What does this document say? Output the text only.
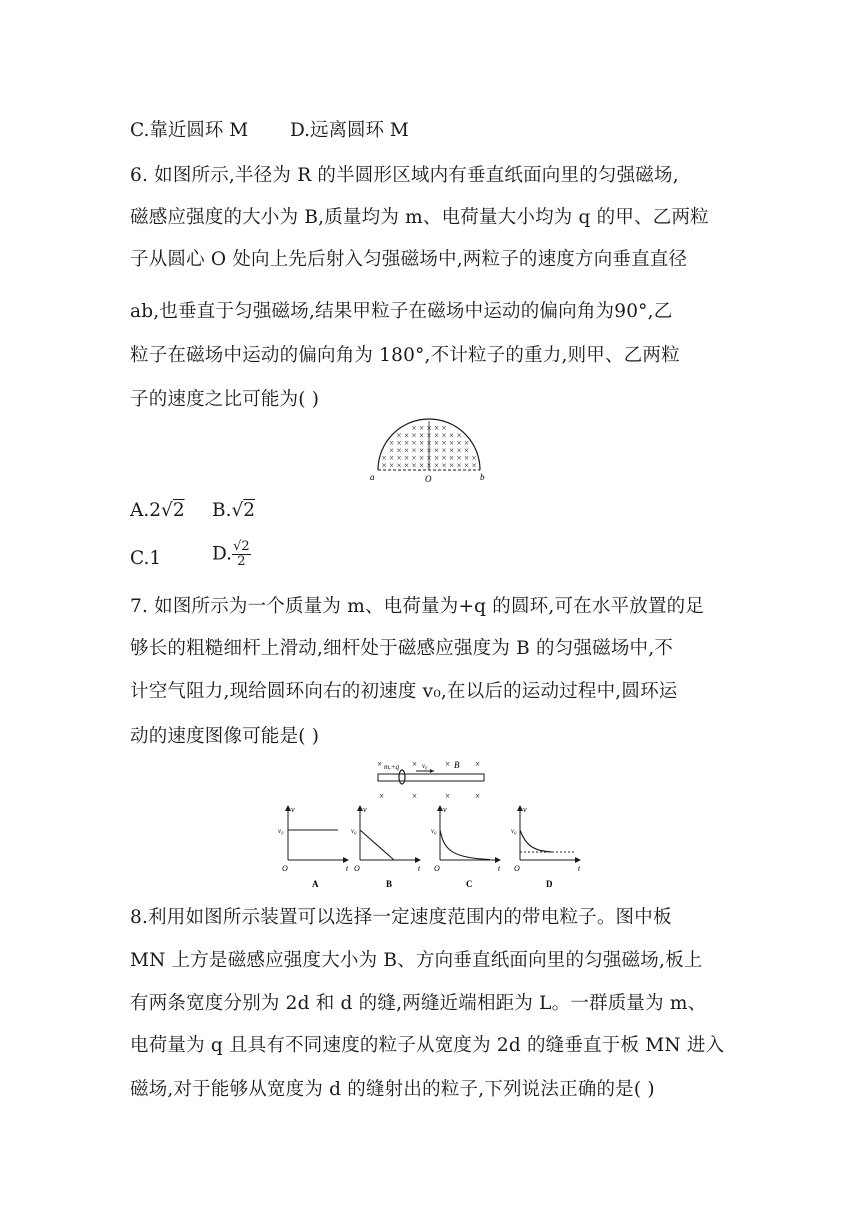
C.靠近圆环 M D.远离圆环 M
6. 如图所示,半径为 R 的半圆形区域内有垂直纸面向里的匀强磁场,
磁感应强度的大小为 B,质量均为 m、电荷量大小均为 q 的甲、乙两粒
子从圆心 O 处向上先后射入匀强磁场中,两粒子的速度方向垂直直径
ab,也垂直于匀强磁场,结果甲粒子在磁场中运动的偏向角为90°,乙
粒子在磁场中运动的偏向角为 180°,不计粒子的重力,则甲、乙两粒
子的速度之比可能为( )
× × × × ×
× × × × × × × × ×
× × × × × × × × × × ×
× × × × × × × × × × ×
× × × × × × × × × × × × ×
× × × × × × × × × × × × ×
a	b
O
A.2√2 B.√2
C.1	D. $\frac{√2}{2}$
7. 如图所示为一个质量为 m、电荷量为+q 的圆环,可在水平放置的足
够长的粗糙细杆上滑动,细杆处于磁感应强度为 B 的匀强磁场中,不
计空气阻力,现给圆环向右的初速度 v₀,在以后的运动过程中,圆环运
动的速度图像可能是( )
× m,+q × v₀ × B ×
×	×	×	×
v
t
v₀
O
A
v
t
v₀
O
B
v
t
v₀
O
C
v
t
v₀
O
D
8.利用如图所示装置可以选择一定速度范围内的带电粒子。图中板
MN 上方是磁感应强度大小为 B、方向垂直纸面向里的匀强磁场,板上
有两条宽度分别为 2d 和 d 的缝,两缝近端相距为 L。一群质量为 m、
电荷量为 q 且具有不同速度的粒子从宽度为 2d 的缝垂直于板 MN 进入
磁场,对于能够从宽度为 d 的缝射出的粒子,下列说法正确的是( )
